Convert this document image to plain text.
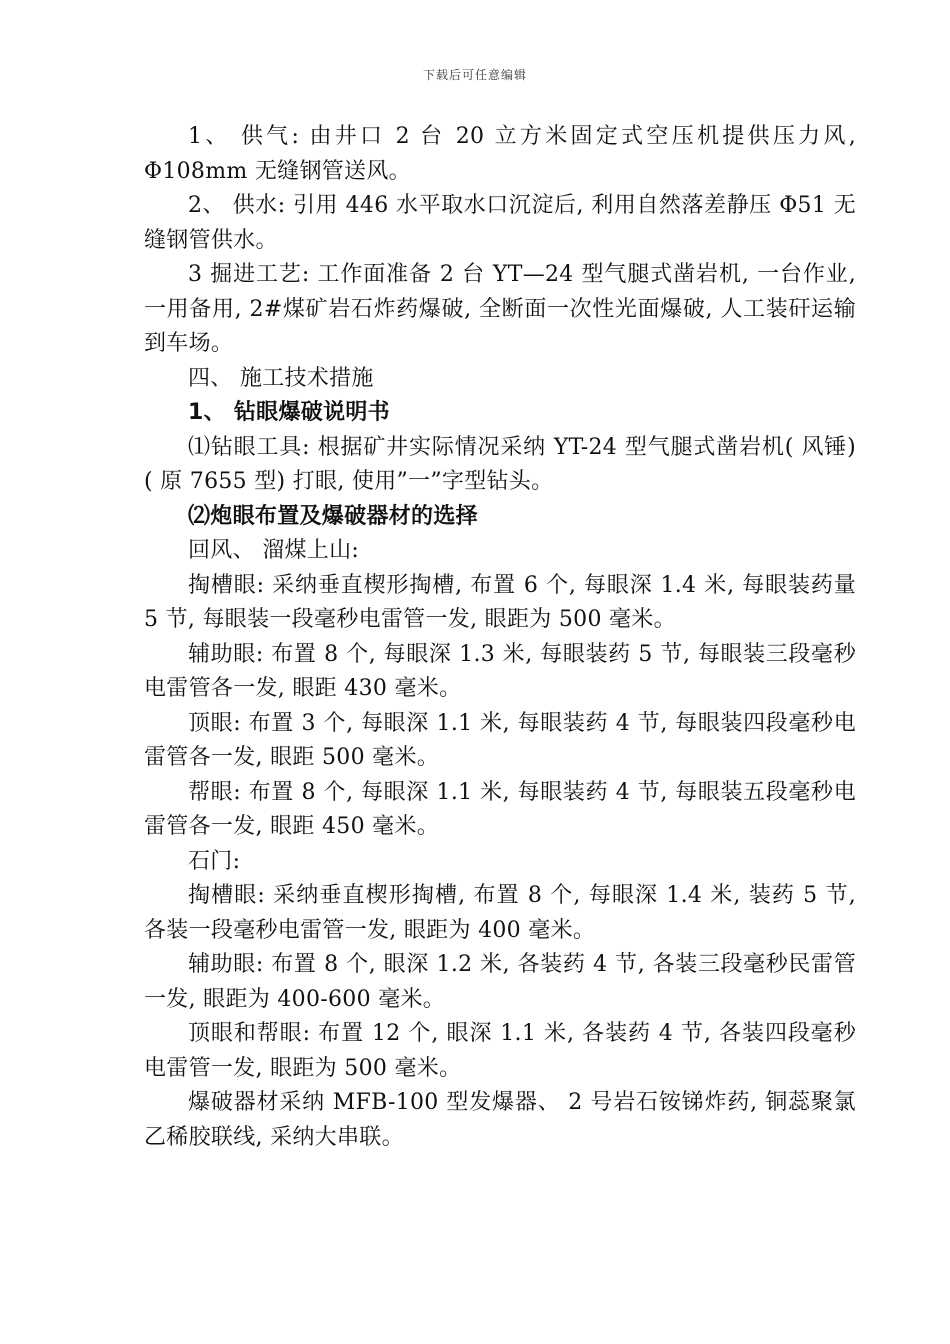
下载后可任意编辑

1、 供气: 由井口 2 台 20 立方米固定式空压机提供压力风, Φ108mm 无缝钢管送风。

2、 供水: 引用 446 水平取水口沉淀后, 利用自然落差静压 Φ51 无缝钢管供水。

3 掘进工艺: 工作面准备 2 台 YT—24 型气腿式凿岩机, 一台作业, 一用备用, 2#煤矿岩石炸药爆破, 全断面一次性光面爆破, 人工装矸运输到车场。

四、 施工技术措施

1、 钻眼爆破说明书

⑴钻眼工具: 根据矿井实际情况采纳 YT-24 型气腿式凿岩机( 风锤) ( 原 7655 型) 打眼, 使用”一”字型钻头。

⑵炮眼布置及爆破器材的选择

回风、 溜煤上山:

掏槽眼: 采纳垂直楔形掏槽, 布置 6 个, 每眼深 1.4 米, 每眼装药量 5 节, 每眼装一段毫秒电雷管一发, 眼距为 500 毫米。

辅助眼: 布置 8 个, 每眼深 1.3 米, 每眼装药 5 节, 每眼装三段毫秒电雷管各一发, 眼距 430 毫米。

顶眼: 布置 3 个, 每眼深 1.1 米, 每眼装药 4 节, 每眼装四段毫秒电雷管各一发, 眼距 500 毫米。

帮眼: 布置 8 个, 每眼深 1.1 米, 每眼装药 4 节, 每眼装五段毫秒电雷管各一发, 眼距 450 毫米。

石门:

掏槽眼: 采纳垂直楔形掏槽, 布置 8 个, 每眼深 1.4 米, 装药 5 节, 各装一段毫秒电雷管一发, 眼距为 400 毫米。

辅助眼: 布置 8 个, 眼深 1.2 米, 各装药 4 节, 各装三段毫秒民雷管一发, 眼距为 400-600 毫米。

顶眼和帮眼: 布置 12 个, 眼深 1.1 米, 各装药 4 节, 各装四段毫秒电雷管一发, 眼距为 500 毫米。

爆破器材采纳 MFB-100 型发爆器、 2 号岩石铵锑炸药, 铜蕊聚氯乙稀胶联线, 采纳大串联。
